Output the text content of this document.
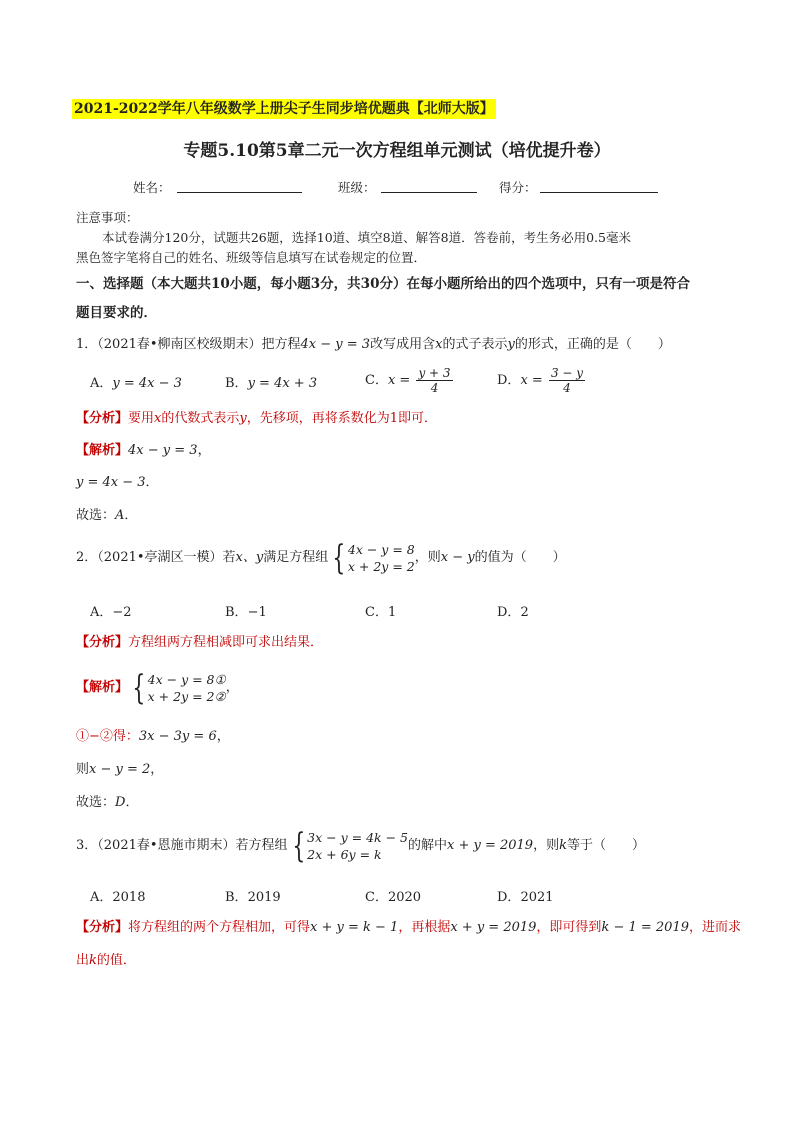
2021-2022学年八年级数学上册尖子生同步培优题典【北师大版】
专题5.10第5章二元一次方程组单元测试（培优提升卷）
姓名：	班级：	得分：
注意事项：
本试卷满分120分，试题共26题，选择10道、填空8道、解答8道．答卷前，考生务必用0.5毫米
黑色签字笔将自己的姓名、班级等信息填写在试卷规定的位置．
一、选择题（本大题共10小题，每小题3分，共30分）在每小题所给出的四个选项中，只有一项是符合
题目要求的．
1．（2021春•柳南区校级期末）把方程4x − y = 3改写成用含x的式子表示y的形式，正确的是（　　）
A．y = 4x − 3	B．y = 4x + 3	C．$x = \frac{y + 3}{4}$	D．$x = \frac{3 - y}{4}$
【分析】要用x的代数式表示y，先移项，再将系数化为1即可．
【解析】4x − y = 3，
y = 4x − 3．
故选：A．
2．（2021•亭湖区一模）若 x、y 满足方程组 { 4x − y = 8
x + 2y = 2
，则 x − y 的值为（　　）
A．−2	B．−1	C．1	D．2
【分析】方程组两方程相减即可求出结果．
【解析】 { 4x − y = 8①
x + 2y = 2②
，
①−②得：3x − 3y = 6，
则x − y = 2，
故选：D．
3．（2021春•恩施市期末）若方程组 { 3x − y = 4k − 5
2x + 6y = k
的解中 x + y = 2019 ，则 k 等于（　　）
A．2018	B．2019	C．2020	D．2021
【分析】将方程组的两个方程相加，可得x + y = k − 1，再根据x + y = 2019，即可得到k − 1 = 2019，进而求
出k的值．
